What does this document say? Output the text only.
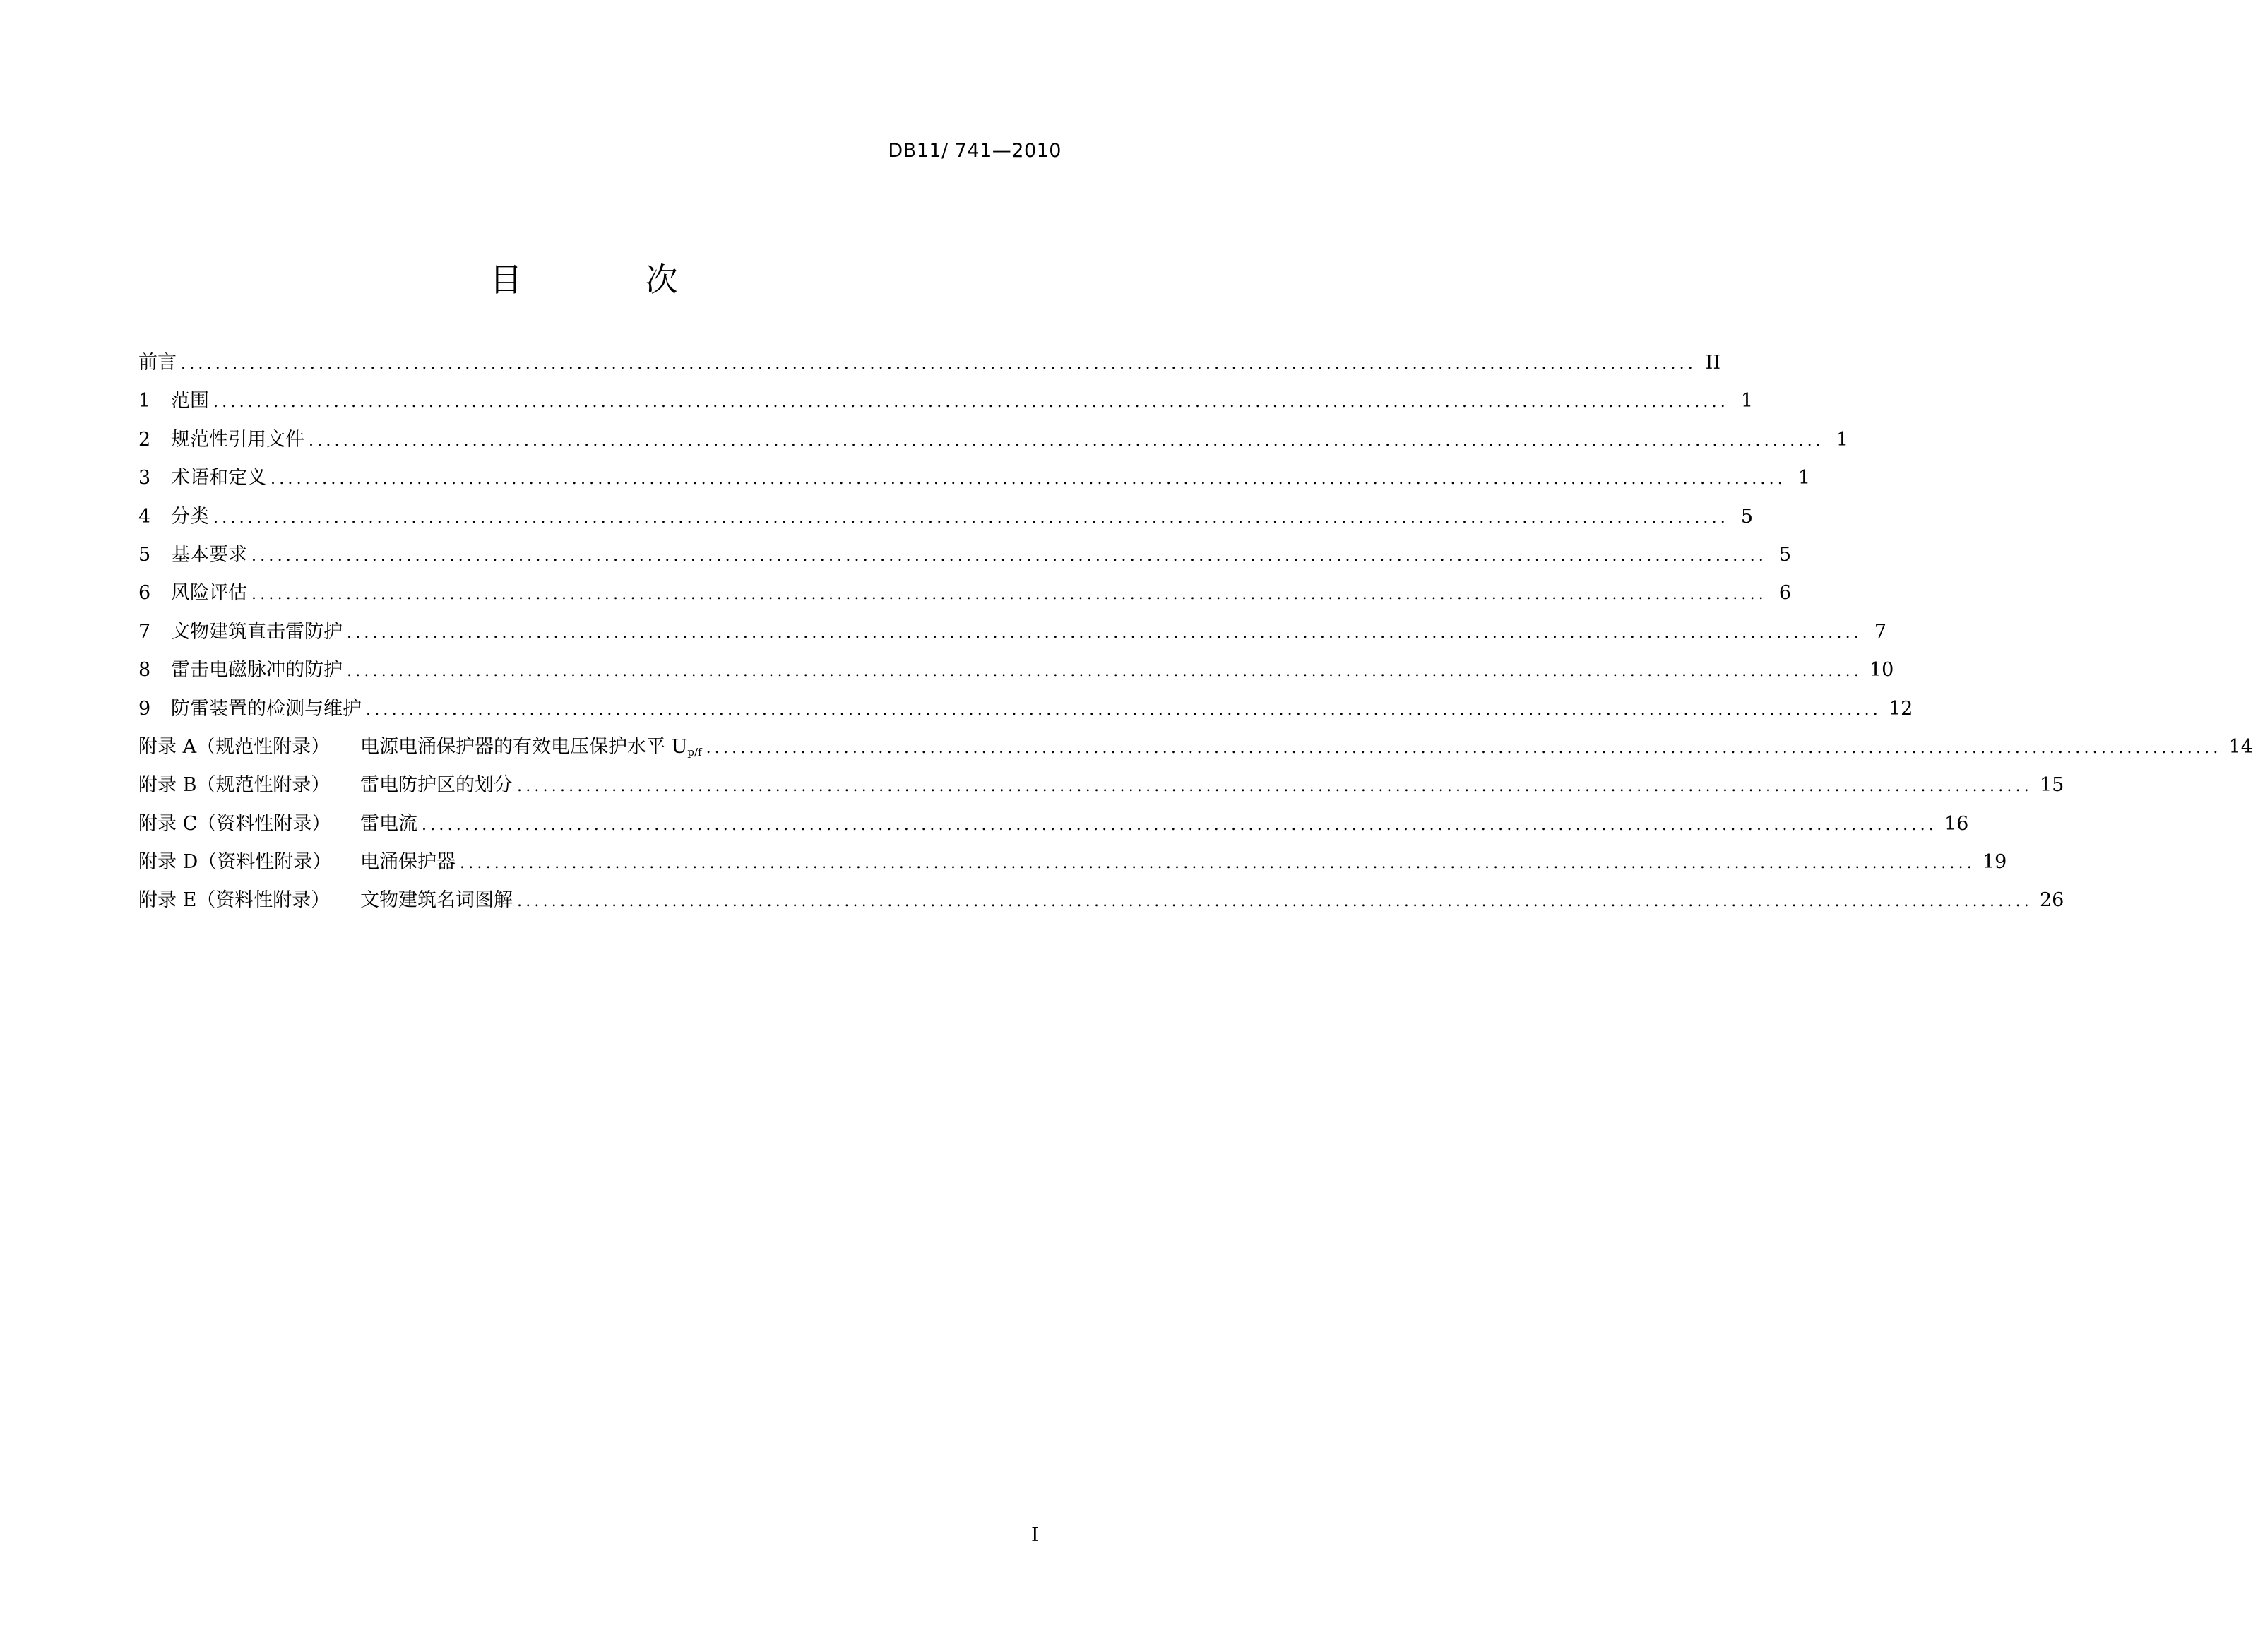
DB11/ 741—2010
目 次
前言 ................................................................................................................................................................................ II
1	范围 ................................................................................................................................................................................ 1
2	规范性引用文件 ................................................................................................................................................................................ 1
3	术语和定义 ................................................................................................................................................................................ 1
4	分类 ................................................................................................................................................................................ 5
5	基本要求 ................................................................................................................................................................................ 5
6	风险评估 ................................................................................................................................................................................ 6
7	文物建筑直击雷防护 ................................................................................................................................................................................ 7
8	雷击电磁脉冲的防护 ................................................................................................................................................................................ 10
9	防雷装置的检测与维护 ................................................................................................................................................................................ 12
附录 A（规范性附录）	电源电涌保护器的有效电压保护水平 Up/f ................................................................................................................................................................................ 14
附录 B（规范性附录）	雷电防护区的划分 ................................................................................................................................................................................ 15
附录 C（资料性附录）	雷电流 ................................................................................................................................................................................ 16
附录 D（资料性附录）	电涌保护器 ................................................................................................................................................................................ 19
附录 E（资料性附录）	文物建筑名词图解 ................................................................................................................................................................................ 26
I
